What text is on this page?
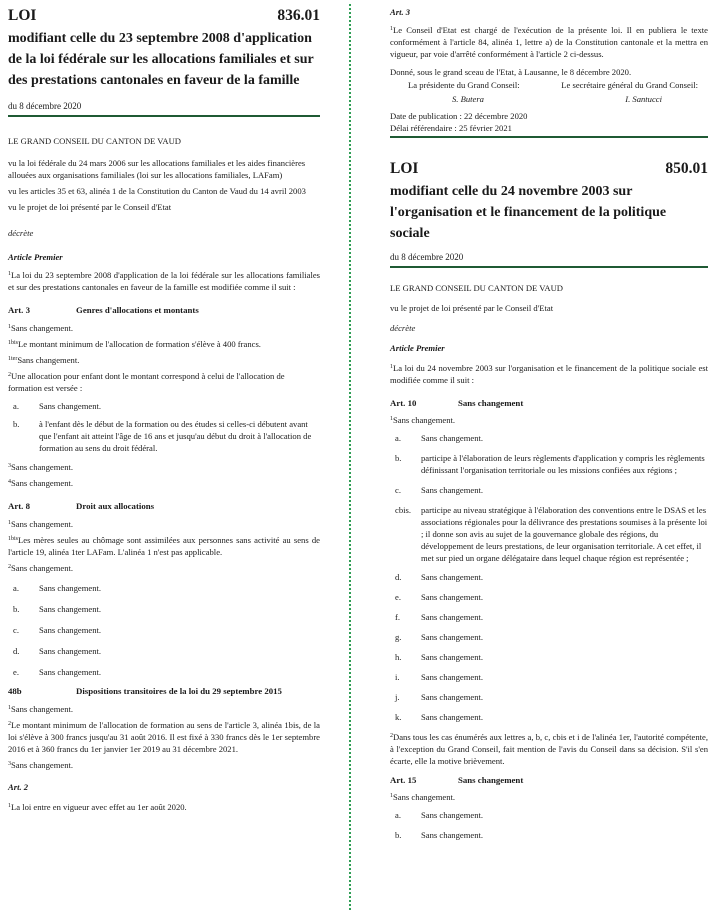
LOI	836.01
modifiant celle du 23 septembre 2008 d'application de la loi fédérale sur les allocations familiales et sur des prestations cantonales en faveur de la famille
du 8 décembre 2020

LE GRAND CONSEIL DU CANTON DE VAUD

vu la loi fédérale du 24 mars 2006 sur les allocations familiales et les aides financières allouées aux organisations familiales (loi sur les allocations familiales, LAFam)

vu les articles 35 et 63, alinéa 1 de la Constitution du Canton de Vaud du 14 avril 2003

vu le projet de loi présenté par le Conseil d'Etat

décrète

Article Premier

$^1$La loi du 23 septembre 2008 d'application de la loi fédérale sur les allocations familiales et sur des prestations cantonales en faveur de la famille est modifiée comme il suit :

Art. 3	Genres d'allocations et montants

$^1$Sans changement.

$^{1bis}$Le montant minimum de l'allocation de formation s'élève à 400 francs.

$^{1ter}$Sans changement.

$^2$Une allocation pour enfant dont le montant correspond à celui de l'allocation de formation est versée :

a.	Sans changement.
b.	à l'enfant dès le début de la formation ou des études si celles-ci débutent avant que l'enfant ait atteint l'âge de 16 ans et jusqu'au début du droit à l'allocation de formation au sens du droit fédéral.

$^3$Sans changement.

$^4$Sans changement.

Art. 8	Droit aux allocations

$^1$Sans changement.

$^{1bis}$Les mères seules au chômage sont assimilées aux personnes sans activité au sens de l'article 19, alinéa 1ter LAFam. L'alinéa 1 n'est pas applicable.

$^2$Sans changement.

a.	Sans changement.
b.	Sans changement.
c.	Sans changement.
d.	Sans changement.
e.	Sans changement.
48b	Dispositions transitoires de la loi du 29 septembre 2015

$^1$Sans changement.

$^2$Le montant minimum de l'allocation de formation au sens de l'article 3, alinéa 1bis, de la loi s'élève à 300 francs jusqu'au 31 août 2016. Il est fixé à 330 francs dès le 1er septembre 2016 et à 360 francs du 1er janvier 1er 2019 au 31 décembre 2021.

$^3$Sans changement.

Art. 2

$^1$La loi entre en vigueur avec effet au 1er août 2020.

Art. 3

$^1$Le Conseil d'Etat est chargé de l'exécution de la présente loi. Il en publiera le texte conformément à l'article 84, alinéa 1, lettre a) de la Constitution cantonale et la mettra en vigueur, par voie d'arrêté conformément à l'article 2 ci-dessus.

Donné, sous le grand sceau de l'Etat, à Lausanne, le 8 décembre 2020.

La présidente du Grand Conseil:	Le secrétaire général du Grand Conseil:
S. Butera	I. Santucci

Date de publication : 22 décembre 2020

Délai référendaire : 25 février 2021

LOI	850.01
modifiant celle du 24 novembre 2003 sur l'organisation et le financement de la politique sociale
du 8 décembre 2020

LE GRAND CONSEIL DU CANTON DE VAUD

vu le projet de loi présenté par le Conseil d'Etat

décrète

Article Premier

$^1$La loi du 24 novembre 2003 sur l'organisation et le financement de la politique sociale est modifiée comme il suit :

Art. 10	Sans changement

$^1$Sans changement.

a.	Sans changement.
b.	participe à l'élaboration de leurs règlements d'application y compris les règlements définissant l'organisation territoriale ou les missions confiées aux régions ;
c.	Sans changement.
cbis.	participe au niveau stratégique à l'élaboration des conventions entre le DSAS et les associations régionales pour la délivrance des prestations soumises à la présente loi ; il donne son avis au sujet de la gouvernance globale des régions, du développement de leurs prestations, de leur organisation territoriale. A cet effet, il met sur pied un organe délégataire dans lequel chaque région est représentée ;
d.	Sans changement.
e.	Sans changement.
f.	Sans changement.
g.	Sans changement.
h.	Sans changement.
i.	Sans changement.
j.	Sans changement.
k.	Sans changement.

$^2$Dans tous les cas énumérés aux lettres a, b, c, cbis et i de l'alinéa 1er, l'autorité compétente, à l'exception du Grand Conseil, fait mention de l'avis du Conseil dans sa décision. S'il s'en écarte, elle la motive brièvement.

Art. 15	Sans changement

$^1$Sans changement.

a.	Sans changement.
b.	Sans changement.
